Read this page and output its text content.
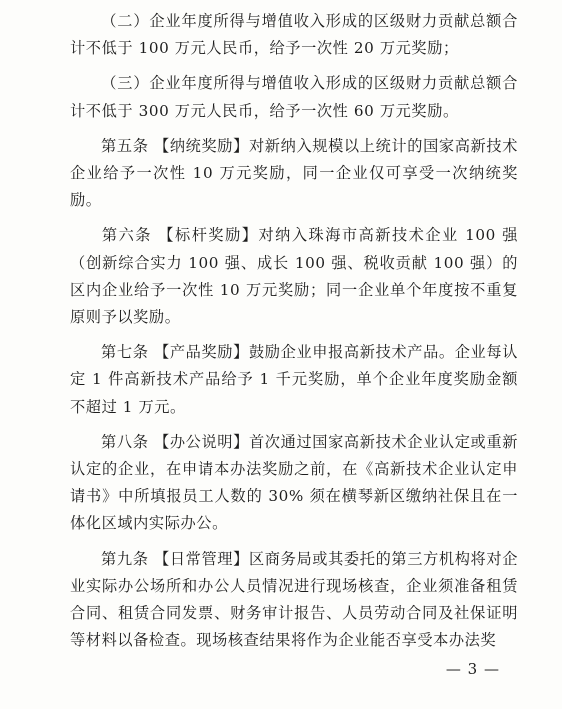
（二）企业年度所得与增值收入形成的区级财力贡献总额合计不低于 100 万元人民币，给予一次性 20 万元奖励；

（三）企业年度所得与增值收入形成的区级财力贡献总额合计不低于 300 万元人民币，给予一次性 60 万元奖励。

第五条 【纳统奖励】对新纳入规模以上统计的国家高新技术企业给予一次性 10 万元奖励，同一企业仅可享受一次纳统奖励。

第六条 【标杆奖励】对纳入珠海市高新技术企业 100 强（创新综合实力 100 强、成长 100 强、税收贡献 100 强）的区内企业给予一次性 10 万元奖励；同一企业单个年度按不重复原则予以奖励。

第七条 【产品奖励】鼓励企业申报高新技术产品。企业每认定 1 件高新技术产品给予 1 千元奖励，单个企业年度奖励金额不超过 1 万元。

第八条 【办公说明】首次通过国家高新技术企业认定或重新认定的企业，在申请本办法奖励之前，在《高新技术企业认定申请书》中所填报员工人数的 30% 须在横琴新区缴纳社保且在一体化区域内实际办公。

第九条 【日常管理】区商务局或其委托的第三方机构将对企业实际办公场所和办公人员情况进行现场核查，企业须准备租赁合同、租赁合同发票、财务审计报告、人员劳动合同及社保证明等材料以备检查。现场核查结果将作为企业能否享受本办法奖

— 3 —
